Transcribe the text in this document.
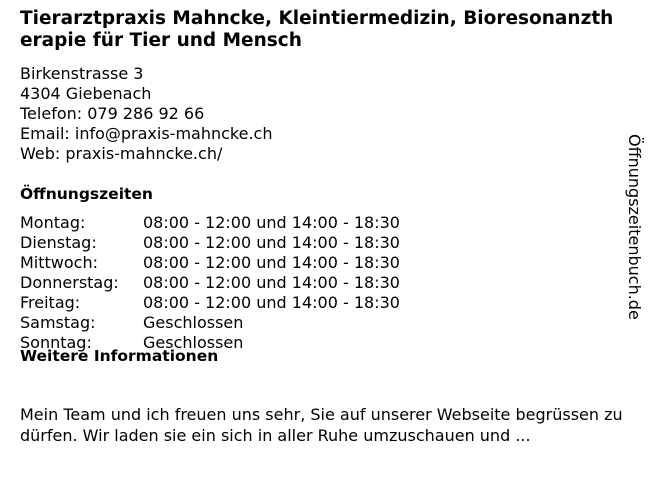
Tierarztpraxis Mahncke, Kleintiermedizin, Bioresonanztherapie für Tier und Mensch
Birkenstrasse 3
4304 Giebenach
Telefon: 079 286 92 66
Email: info@praxis-mahncke.ch
Web: praxis-mahncke.ch/
Öffnungszeiten
Montag:	08:00 - 12:00 und 14:00 - 18:30
Dienstag:	08:00 - 12:00 und 14:00 - 18:30
Mittwoch:	08:00 - 12:00 und 14:00 - 18:30
Donnerstag:	08:00 - 12:00 und 14:00 - 18:30
Freitag:	08:00 - 12:00 und 14:00 - 18:30
Samstag:	Geschlossen
Sonntag:	Geschlossen
Weitere Informationen

Mein Team und ich freuen uns sehr, Sie auf unserer Webseite begrüssen zu dürfen. Wir laden sie ein sich in aller Ruhe umzuschauen und ...

Öffnungszeitenbuch.de
